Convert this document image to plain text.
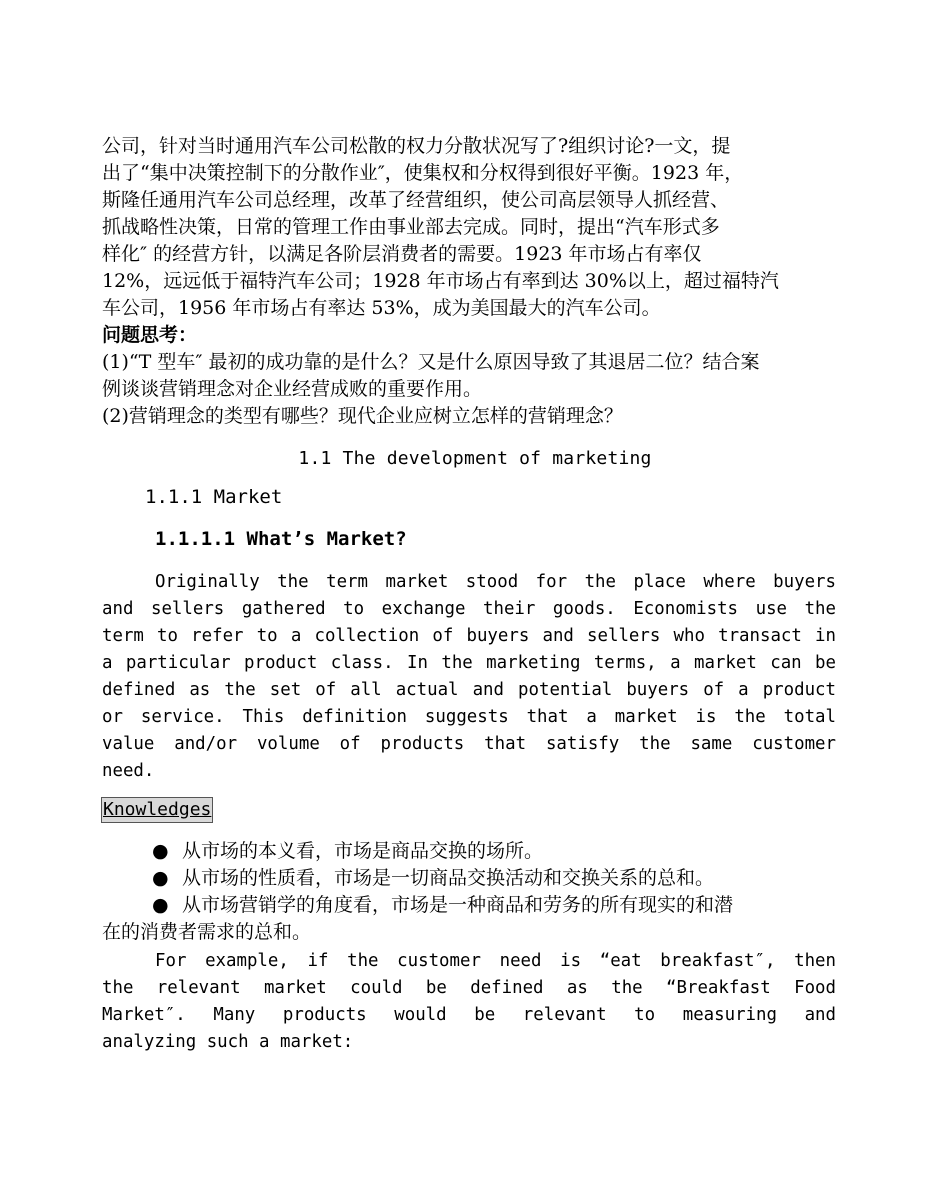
公司，针对当时通用汽车公司松散的权力分散状况写了?组织讨论?一文，提
出了“集中决策控制下的分散作业″，使集权和分权得到很好平衡。1923 年，
斯隆任通用汽车公司总经理，改革了经营组织，使公司高层领导人抓经营、
抓战略性决策，日常的管理工作由事业部去完成。同时，提出“汽车形式多
样化″ 的经营方针，以满足各阶层消费者的需要。1923 年市场占有率仅
12%，远远低于福特汽车公司；1928 年市场占有率到达 30%以上，超过福特汽
车公司，1956 年市场占有率达 53%，成为美国最大的汽车公司。
问题思考：
(1)“T 型车″ 最初的成功靠的是什么？又是什么原因导致了其退居二位？结合案
例谈谈营销理念对企业经营成败的重要作用。
(2)营销理念的类型有哪些？现代企业应树立怎样的营销理念？
1.1 The development of marketing
1.1.1 Market
1.1.1.1 What’s Market?
Originally the term market stood for the place where buyers
and sellers gathered to exchange their goods. Economists use the
term to refer to a collection of buyers and sellers who transact in
a particular product class. In the marketing terms, a market can be
defined as the set of all actual and potential buyers of a product
or service. This definition suggests that a market is the total
value and/or volume of products that satisfy the same customer
need.
Knowledges
● 从市场的本义看，市场是商品交换的场所。
● 从市场的性质看，市场是一切商品交换活动和交换关系的总和。
● 从市场营销学的角度看，市场是一种商品和劳务的所有现实的和潜
在的消费者需求的总和。
For example, if the customer need is “eat breakfast″, then
the relevant market could be defined as the “Breakfast Food
Market″. Many products would be relevant to measuring and
analyzing such a market:
